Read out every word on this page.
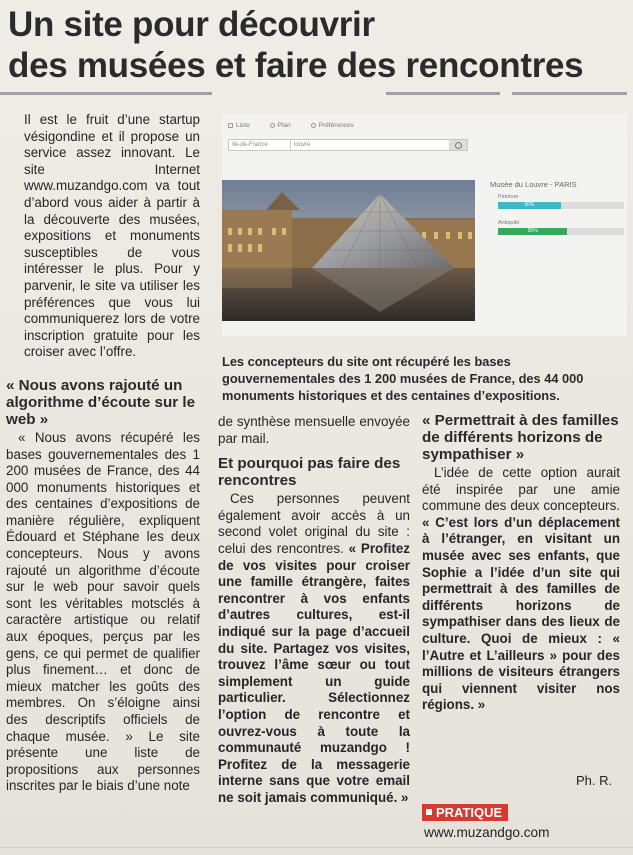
Un site pour découvrir
des musées et faire des rencontres

Il est le fruit d’une startup vésigondine et il propose un service assez innovant. Le site Internet www.muzandgo.com va tout d’abord vous aider à partir à la découverte des musées, expositions et monuments susceptibles de vous intéresser le plus. Pour y parvenir, le site va utiliser les préférences que vous lui communiquerez lors de votre inscription gratuite pour les croiser avec l’offre.

« Nous avons rajouté un algorithme d’écoute sur le web »

« Nous avons récupéré les bases gouvernementales des 1 200 musées de France, des 44 000 monuments historiques et des centaines d’expositions de manière régulière, expliquent Édouard et Stéphane les deux concepteurs. Nous y avons rajouté un algorithme d’écoute sur le web pour savoir quels sont les véritables motsclés à caractère artistique ou relatif aux époques, perçus par les gens, ce qui permet de qualifier plus finement… et donc de mieux matcher les goûts des membres. On s’éloigne ainsi des descriptifs officiels de chaque musée. » Le site présente une liste de propositions aux personnes inscrites par le biais d’une note

Liste	Plan	Préférences
Ile-de-France	louvre
Musée du Louvre - PARIS
Peinture
50%
Antiquité
55%
Les concepteurs du site ont récupéré les bases gouvernementales des 1 200 musées de France, des 44 000 monuments historiques et des centaines d’expositions.

de synthèse mensuelle envoyée par mail.

Et pourquoi pas faire des rencontres

Ces personnes peuvent également avoir accès à un second volet original du site : celui des rencontres. « Profitez de vos visites pour croiser une famille étrangère, faites rencontrer à vos enfants d’autres cultures, est-il indiqué sur la page d’accueil du site. Partagez vos visites, trouvez l’âme sœur ou tout simplement un guide particulier. Sélectionnez l’option de rencontre et ouvrez-vous à toute la communauté muzandgo ! Profitez de la messagerie interne sans que votre email ne soit jamais communiqué. »

« Permettrait à des familles de différents horizons de sympathiser »

L’idée de cette option aurait été inspirée par une amie commune des deux concepteurs. « C’est lors d’un déplacement à l’étranger, en visitant un musée avec ses enfants, que Sophie a l’idée d’un site qui permettrait à des familles de différents horizons de sympathiser dans des lieux de culture. Quoi de mieux : « l’Autre et L’ailleurs » pour des millions de visiteurs étrangers qui viennent visiter nos régions. »

Ph. R.
PRATIQUE
www.muzandgo.com
